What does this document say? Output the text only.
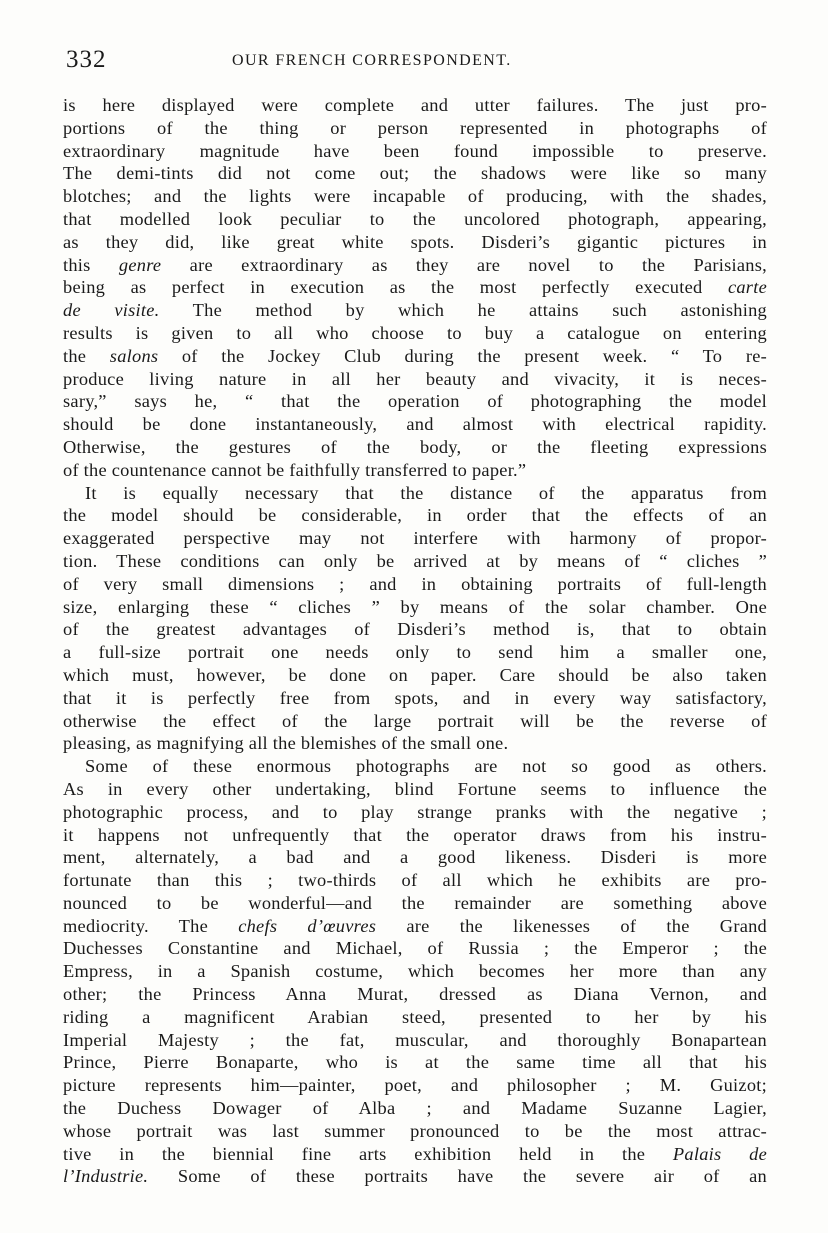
332	OUR FRENCH CORRESPONDENT.
is here displayed were complete and utter failures. The just pro-
portions of the thing or person represented in photographs of
extraordinary magnitude have been found impossible to preserve.
The demi-tints did not come out; the shadows were like so many
blotches; and the lights were incapable of producing, with the shades,
that modelled look peculiar to the uncolored photograph, appearing,
as they did, like great white spots. Disderi’s gigantic pictures in
this genre are extraordinary as they are novel to the Parisians,
being as perfect in execution as the most perfectly executed carte
de visite. The method by which he attains such astonishing
results is given to all who choose to buy a catalogue on entering
the salons of the Jockey Club during the present week. “ To re-
produce living nature in all her beauty and vivacity, it is neces-
sary,” says he, “ that the operation of photographing the model
should be done instantaneously, and almost with electrical rapidity.
Otherwise, the gestures of the body, or the fleeting expressions
of the countenance cannot be faithfully transferred to paper.”
It is equally necessary that the distance of the apparatus from
the model should be considerable, in order that the effects of an
exaggerated perspective may not interfere with harmony of propor-
tion. These conditions can only be arrived at by means of “ cliches ”
of very small dimensions ; and in obtaining portraits of full-length
size, enlarging these “ cliches ” by means of the solar chamber. One
of the greatest advantages of Disderi’s method is, that to obtain
a full-size portrait one needs only to send him a smaller one,
which must, however, be done on paper. Care should be also taken
that it is perfectly free from spots, and in every way satisfactory,
otherwise the effect of the large portrait will be the reverse of
pleasing, as magnifying all the blemishes of the small one.
Some of these enormous photographs are not so good as others.
As in every other undertaking, blind Fortune seems to influence the
photographic process, and to play strange pranks with the negative ;
it happens not unfrequently that the operator draws from his instru-
ment, alternately, a bad and a good likeness. Disderi is more
fortunate than this ; two-thirds of all which he exhibits are pro-
nounced to be wonderful—and the remainder are something above
mediocrity. The chefs d’œuvres are the likenesses of the Grand
Duchesses Constantine and Michael, of Russia ; the Emperor ; the
Empress, in a Spanish costume, which becomes her more than any
other; the Princess Anna Murat, dressed as Diana Vernon, and
riding a magnificent Arabian steed, presented to her by his
Imperial Majesty ; the fat, muscular, and thoroughly Bonapartean
Prince, Pierre Bonaparte, who is at the same time all that his
picture represents him—painter, poet, and philosopher ; M. Guizot;
the Duchess Dowager of Alba ; and Madame Suzanne Lagier,
whose portrait was last summer pronounced to be the most attrac-
tive in the biennial fine arts exhibition held in the Palais de
l’Industrie. Some of these portraits have the severe air of an
